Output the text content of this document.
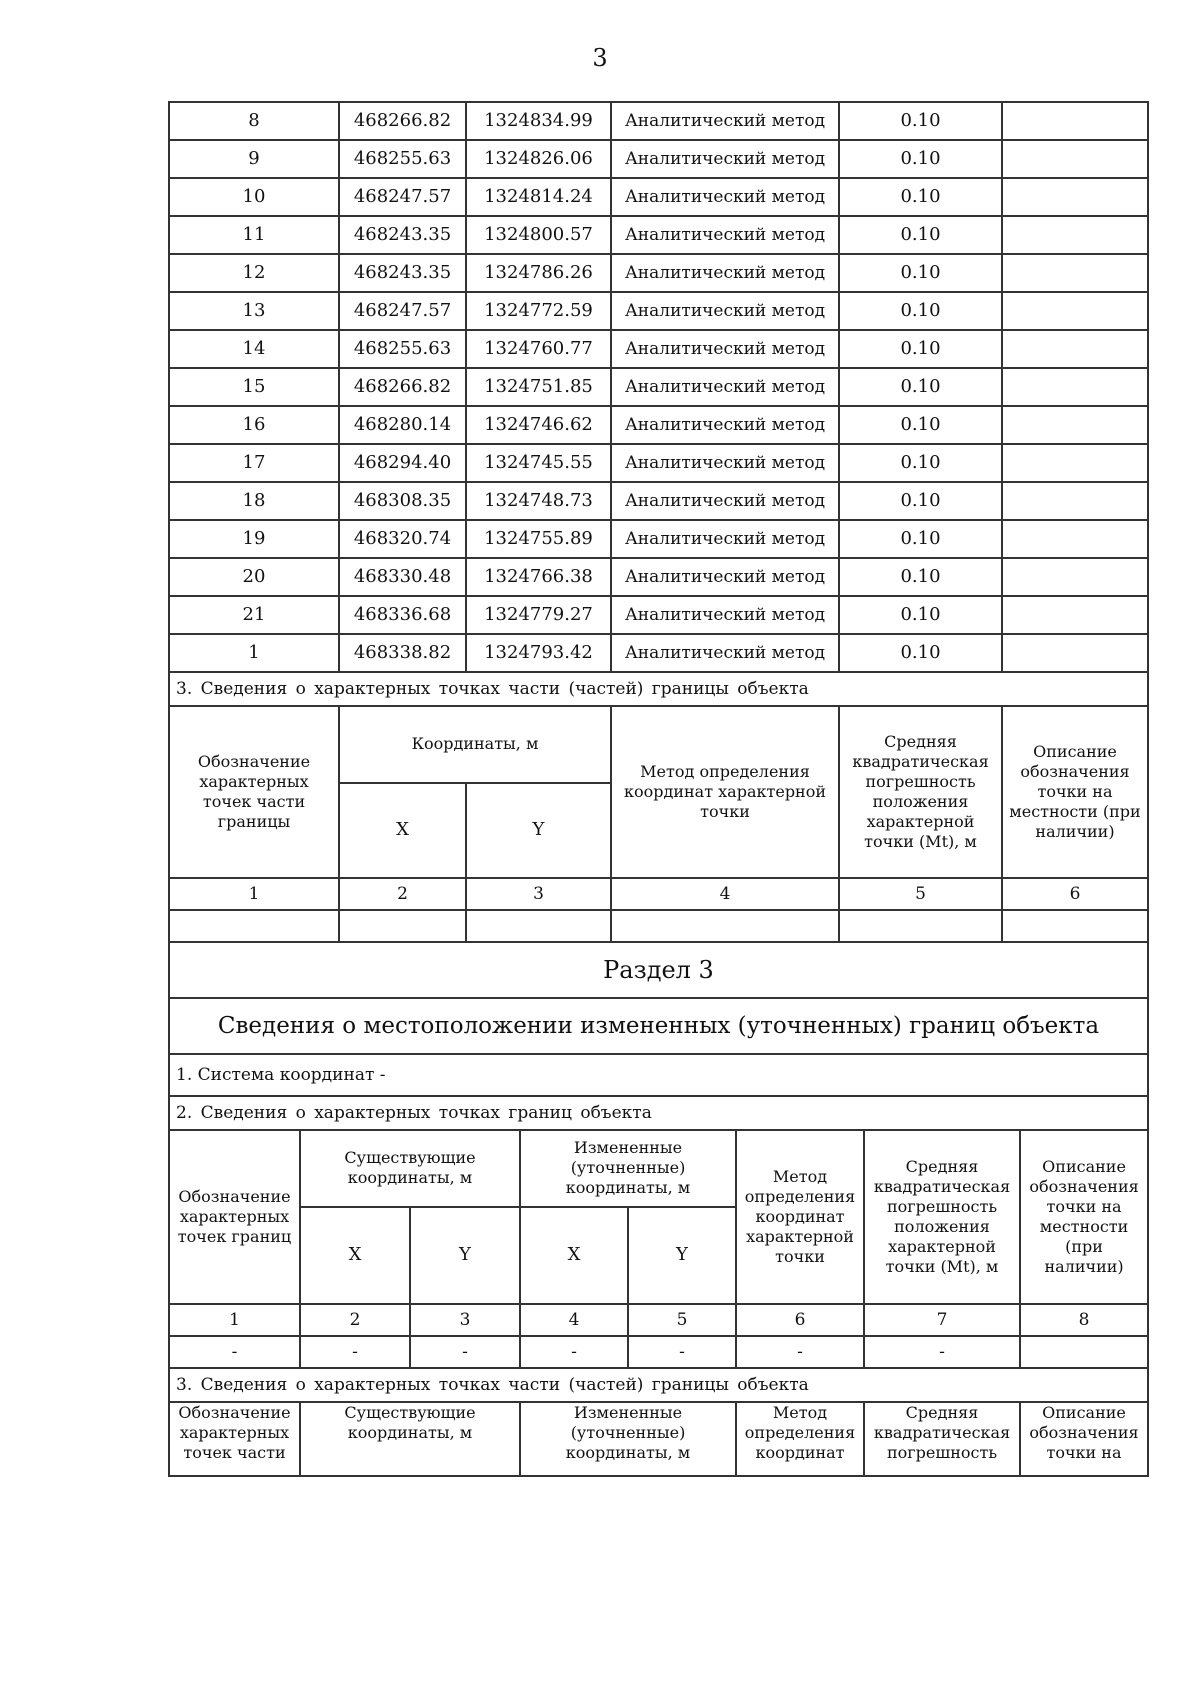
3
8	468266.82	1324834.99	Аналитический метод	0.10	
9	468255.63	1324826.06	Аналитический метод	0.10	
10	468247.57	1324814.24	Аналитический метод	0.10	
11	468243.35	1324800.57	Аналитический метод	0.10	
12	468243.35	1324786.26	Аналитический метод	0.10	
13	468247.57	1324772.59	Аналитический метод	0.10	
14	468255.63	1324760.77	Аналитический метод	0.10	
15	468266.82	1324751.85	Аналитический метод	0.10	
16	468280.14	1324746.62	Аналитический метод	0.10	
17	468294.40	1324745.55	Аналитический метод	0.10	
18	468308.35	1324748.73	Аналитический метод	0.10	
19	468320.74	1324755.89	Аналитический метод	0.10	
20	468330.48	1324766.38	Аналитический метод	0.10	
21	468336.68	1324779.27	Аналитический метод	0.10	
1	468338.82	1324793.42	Аналитический метод	0.10	
3. Сведения о характерных точках части (частей) границы объекта					
Обозначение характерных точек части границы	Координаты, м		Метод определения координат характерной точки	Средняя квадратическая погрешность положения характерной точки (Mt), м	Описание обозначения точки на местности (при наличии)
	X	Y			
1	2	3	4	5	6

Раздел 3					
Сведения о местоположении измененных (уточненных) границ объекта					
1. Система координат -					
2. Сведения о характерных точках границ объекта							
Обозначение характерных точек границ	Существующие координаты, м		Измененные (уточненные) координаты, м		Метод определения координат характерной точки	Средняя квадратическая погрешность положения характерной точки (Mt), м	Описание обозначения точки на местности (при наличии)
	X	Y	X	Y			
1	2	3	4	5	6	7	8
-	-	-	-	-	-	-	
3. Сведения о характерных точках части (частей) границы объекта
Обозначение характерных точек части	Существующие координаты, м	Измененные (уточненные) координаты, м	Метод определения координат	Средняя квадратическая погрешность	Описание обозначения точки на
